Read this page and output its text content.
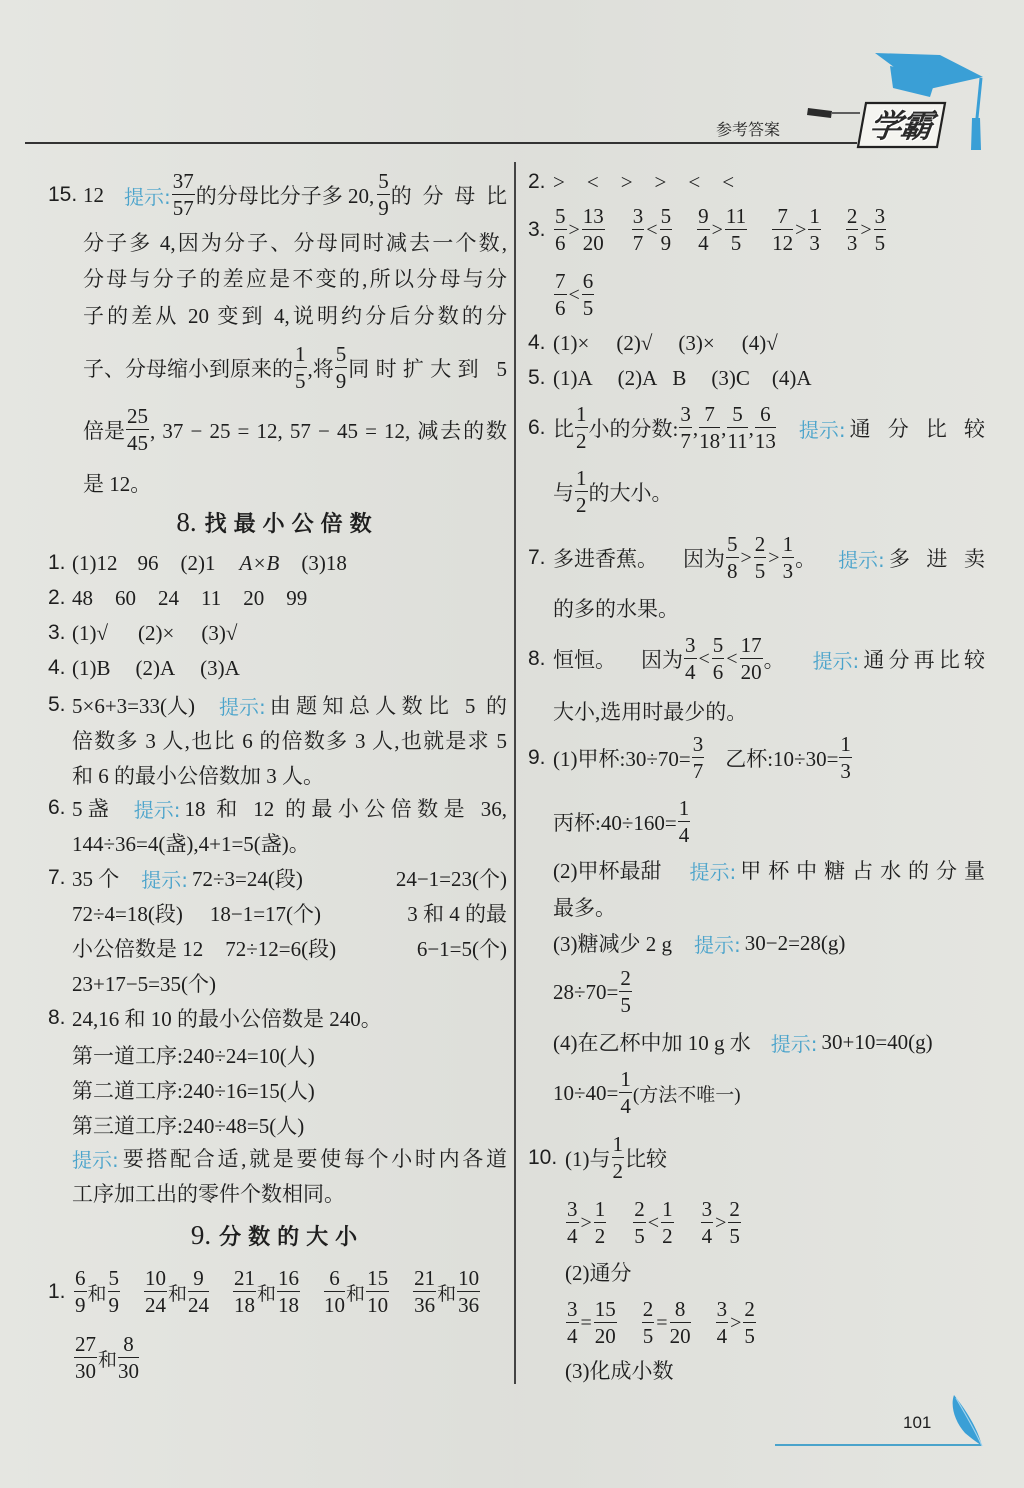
参考答案	学霸
15. 12 提示: $\frac{37}{57}$ 的分母比分子多 20, $\frac{5}{9}$ 的分母比
分子多 4,因为分子、分母同时减去一个数,
分母与分子的差应是不变的,所以分母与分
子的差从 20 变到 4,说明约分后分数的分
子、分母缩小到原来的 $\frac{1}{5}$ ,将 $\frac{5}{9}$ 同时扩大到 5
倍是 $\frac{25}{45}$ , 37 − 25 = 12, 57 − 45 = 12, 减去的数
是 12。
8. 找最小公倍数
1. (1)12 96 (2)1 A×B (3)18
2. 48 60 24 11 20 99
3. (1)√ (2)× (3)√
4. (1)B (2)A (3)A
5. 5×6+3=33(人) 提示: 由题知总人数比 5 的
倍数多 3 人,也比 6 的倍数多 3 人,也就是求 5
和 6 的最小公倍数加 3 人。
6. 5 盏 提示: 18 和 12 的最小公倍数是 36,
144÷36=4(盏),4+1=5(盏)。
7. 35 个 提示: 72÷3=24(段)	24−1=23(个)
72÷4=18(段) 18−1=17(个)	3 和 4 的最
小公倍数是 12 72÷12=6(段)	6−1=5(个)
23+17−5=35(个)
8. 24,16 和 10 的最小公倍数是 240。
第一道工序:240÷24=10(人)
第二道工序:240÷16=15(人)
第三道工序:240÷48=5(人)
提示: 要搭配合适,就是要使每个小时内各道
工序加工出的零件个数相同。
9. 分数的大小
1. $\frac{6}{9}$ 和 $\frac{5}{9} \frac{10}{24}$ 和 $\frac{9}{24} \frac{21}{18}$ 和 $\frac{16}{18} \frac{6}{10}$ 和 $\frac{15}{10} \frac{21}{36}$ 和 $\frac{10}{36}$
$\frac{27}{30}$ 和 $\frac{8}{30}$
2. > < > > < <
3. $\frac{5}{6} > \frac{13}{20} \frac{3}{7} < \frac{5}{9} \frac{9}{4} > \frac{11}{5} \frac{7}{12} > \frac{1}{3} \frac{2}{3} > \frac{3}{5}$
$\frac{7}{6} < \frac{6}{5}$
4. (1)× (2)√ (3)× (4)√
5. (1)A (2)A B (3)C (4)A
6. 比 $\frac{1}{2}$ 小的分数: $\frac{3}{7}$ , $\frac{7}{18}$ , $\frac{5}{11}$ , $\frac{6}{13}$ 提示: 通分比较
与 $\frac{1}{2}$ 的大小。
7. 多进香蕉。 因为 $\frac{5}{8} > \frac{2}{5} > \frac{1}{3}$ 。 提示: 多进卖
的多的水果。
8. 恒恒。 因为 $\frac{3}{4} < \frac{5}{6} < \frac{17}{20}$ 。 提示: 通分再比较
大小,选用时最少的。
9. (1)甲杯:30÷70= $\frac{3}{7}$ 乙杯:10÷30= $\frac{1}{3}$
丙杯:40÷160= $\frac{1}{4}$
(2)甲杯最甜 提示: 甲杯中糖占水的分量
最多。
(3)糖减少 2 g 提示: 30−2=28(g)
$28\div 70= \frac{2}{5}$
(4)在乙杯中加 10 g 水 提示: 30+10=40(g)
$10\div 40= \frac{1}{4}$ (方法不唯一)
10. (1)与 $\frac{1}{2}$ 比较
$\frac{3}{4} > \frac{1}{2} \frac{2}{5} < \frac{1}{2} \frac{3}{4} > \frac{2}{5}$
(2)通分
$\frac{3}{4} = \frac{15}{20} \frac{2}{5} = \frac{8}{20} \frac{3}{4} > \frac{2}{5}$
(3)化成小数
101
